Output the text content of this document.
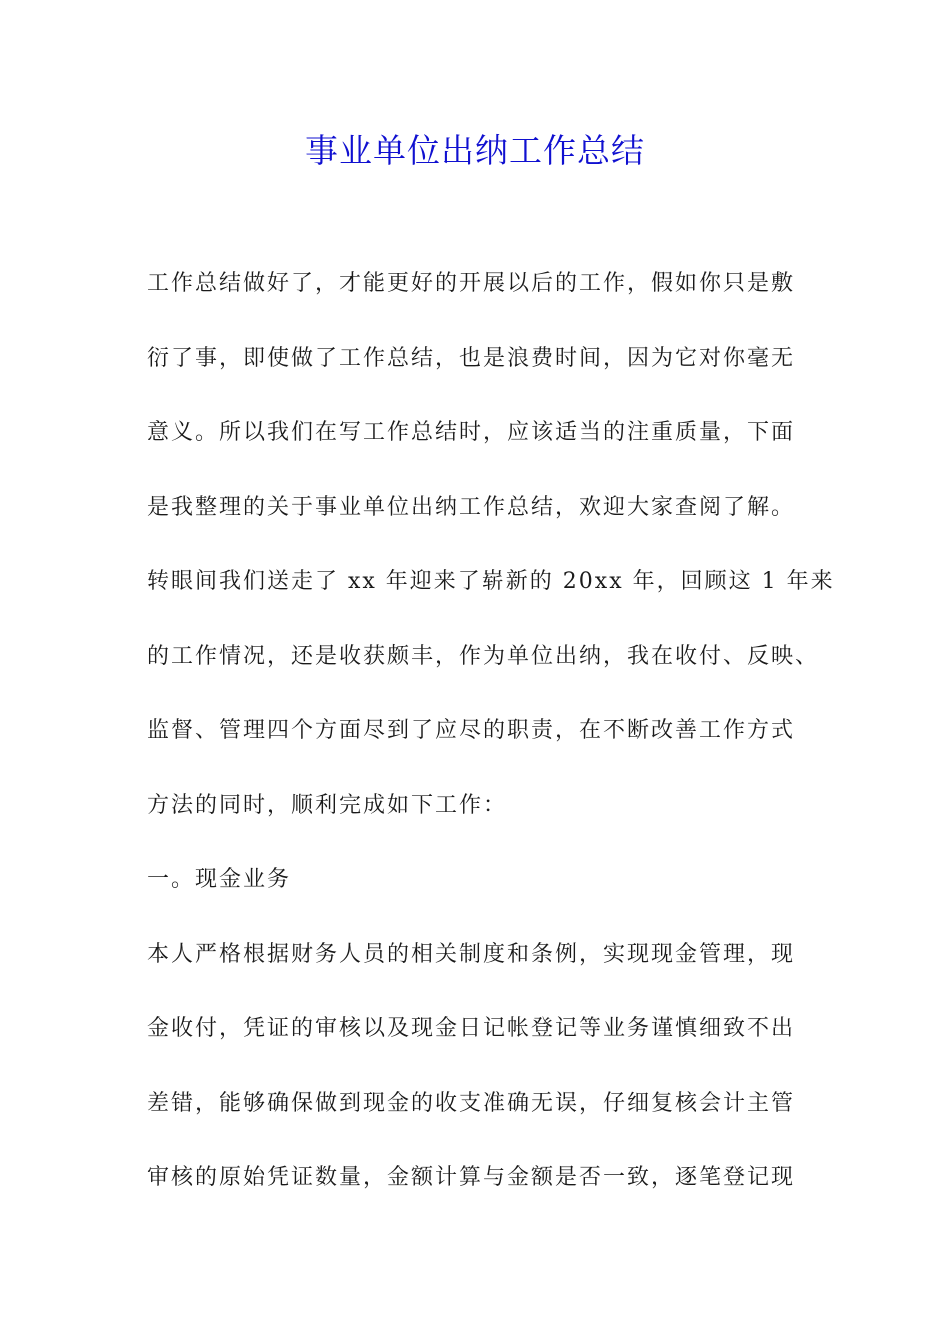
事业单位出纳工作总结
工作总结做好了，才能更好的开展以后的工作，假如你只是敷
衍了事，即使做了工作总结，也是浪费时间，因为它对你毫无
意义。所以我们在写工作总结时，应该适当的注重质量，下面
是我整理的关于事业单位出纳工作总结，欢迎大家查阅了解。
转眼间我们送走了 xx 年迎来了崭新的 20xx 年，回顾这 1 年来
的工作情况，还是收获颇丰，作为单位出纳，我在收付、反映、
监督、管理四个方面尽到了应尽的职责，在不断改善工作方式
方法的同时，顺利完成如下工作：
一。现金业务
本人严格根据财务人员的相关制度和条例，实现现金管理，现
金收付，凭证的审核以及现金日记帐登记等业务谨慎细致不出
差错，能够确保做到现金的收支准确无误，仔细复核会计主管
审核的原始凭证数量，金额计算与金额是否一致，逐笔登记现
